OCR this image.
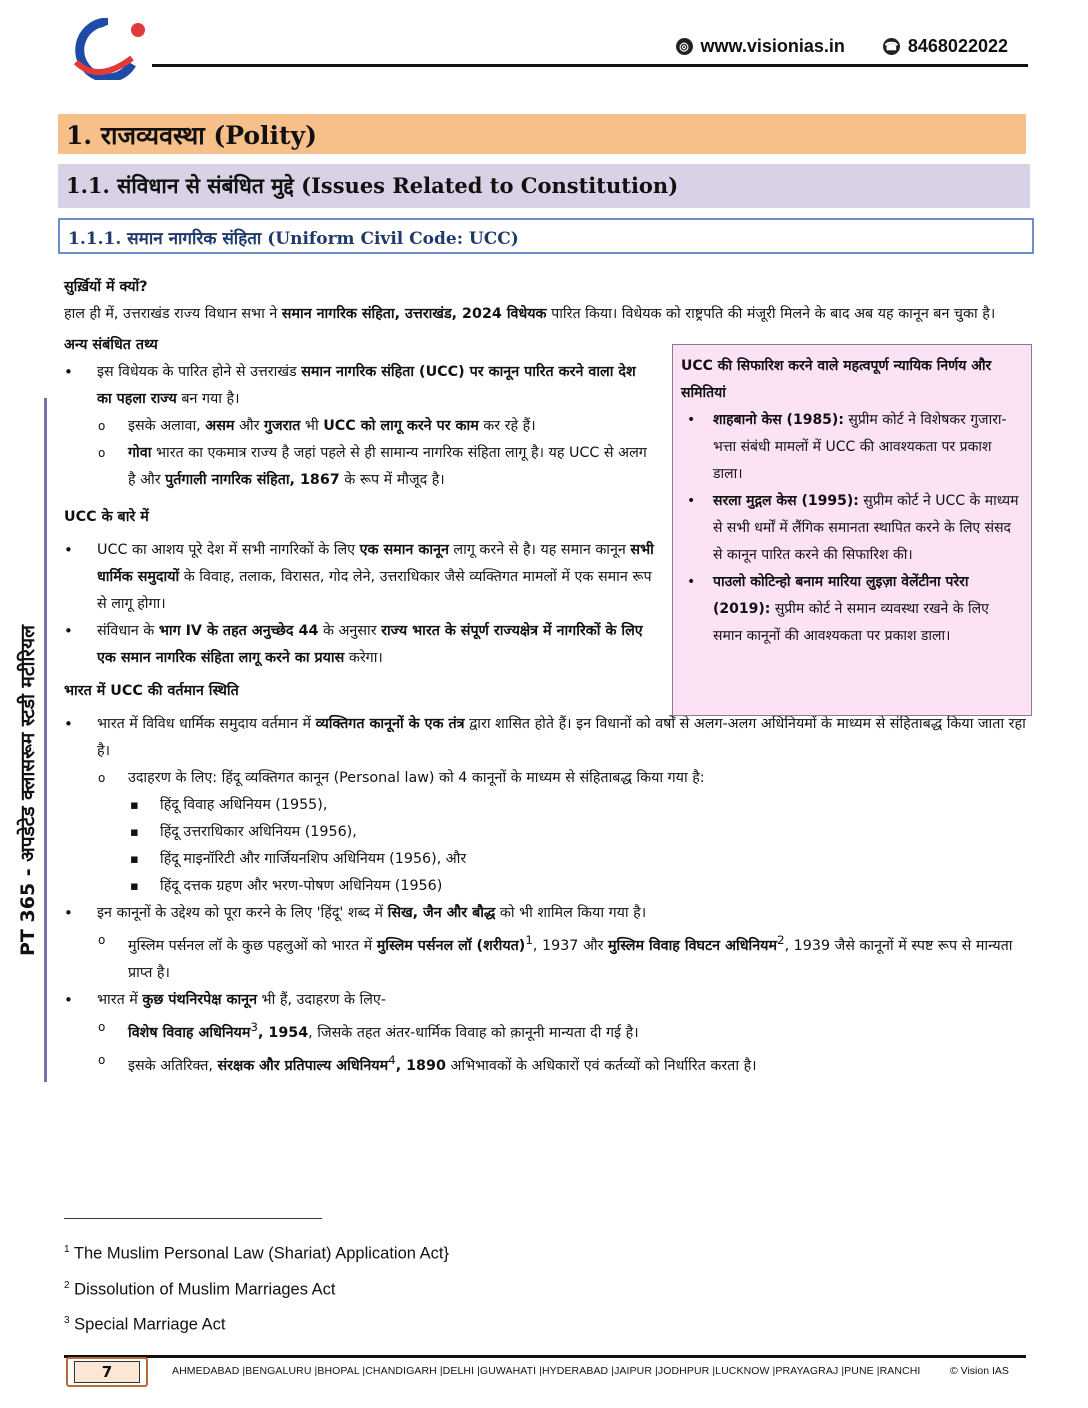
◎ www.visionias.in	☎ 8468022022
1. राजव्यवस्था (Polity)
1.1. संविधान से संबंधित मुद्दे (Issues Related to Constitution)
1.1.1. समान नागरिक संहिता (Uniform Civil Code: UCC)
PT 365 - अपडेटेड क्लासरूम स्टडी मटीरियल
सुर्ख़ियों में क्यों?

हाल ही में, उत्तराखंड राज्य विधान सभा ने समान नागरिक संहिता, उत्तराखंड, 2024 विधेयक पारित किया। विधेयक को राष्ट्रपति की मंजूरी मिलने के बाद अब यह कानून बन चुका है।

अन्य संबंधित तथ्य
• इस विधेयक के पारित होने से उत्तराखंड समान नागरिक संहिता (UCC) पर कानून पारित करने वाला देश का पहला राज्य बन गया है।
o इसके अलावा, असम और गुजरात भी UCC को लागू करने पर काम कर रहे हैं।
o गोवा भारत का एकमात्र राज्य है जहां पहले से ही सामान्य नागरिक संहिता लागू है। यह UCC से अलग है और पुर्तगाली नागरिक संहिता, 1867 के रूप में मौजूद है।
UCC के बारे में
• UCC का आशय पूरे देश में सभी नागरिकों के लिए एक समान कानून लागू करने से है। यह समान कानून सभी धार्मिक समुदायों के विवाह, तलाक, विरासत, गोद लेने, उत्तराधिकार जैसे व्यक्तिगत मामलों में एक समान रूप से लागू होगा।
• संविधान के भाग IV के तहत अनुच्छेद 44 के अनुसार राज्य भारत के संपूर्ण राज्यक्षेत्र में नागरिकों के लिए एक समान नागरिक संहिता लागू करने का प्रयास करेगा।
भारत में UCC की वर्तमान स्थिति
• भारत में विविध धार्मिक समुदाय वर्तमान में व्यक्तिगत कानूनों के एक तंत्र द्वारा शासित होते हैं। इन विधानों को वर्षों से अलग-अलग अधिनियमों के माध्यम से संहिताबद्ध किया जाता रहा है।
o उदाहरण के लिए: हिंदू व्यक्तिगत कानून (Personal law) को 4 कानूनों के माध्यम से संहिताबद्ध किया गया है:
▪ हिंदू विवाह अधिनियम (1955),
▪ हिंदू उत्तराधिकार अधिनियम (1956),
▪ हिंदू माइनॉरिटी और गार्जियनशिप अधिनियम (1956), और
▪ हिंदू दत्तक ग्रहण और भरण-पोषण अधिनियम (1956)
• इन कानूनों के उद्देश्य को पूरा करने के लिए 'हिंदू' शब्द में सिख, जैन और बौद्ध को भी शामिल किया गया है।
o मुस्लिम पर्सनल लॉ के कुछ पहलुओं को भारत में मुस्लिम पर्सनल लॉ (शरीयत)$^1$, 1937 और मुस्लिम विवाह विघटन अधिनियम$^2$, 1939 जैसे कानूनों में स्पष्ट रूप से मान्यता प्राप्त है।
• भारत में कुछ पंथनिरपेक्ष कानून भी हैं, उदाहरण के लिए-
o विशेष विवाह अधिनियम$^3$, 1954, जिसके तहत अंतर-धार्मिक विवाह को क़ानूनी मान्यता दी गई है।
o इसके अतिरिक्त, संरक्षक और प्रतिपाल्य अधिनियम$^4$, 1890 अभिभावकों के अधिकारों एवं कर्तव्यों को निर्धारित करता है।
UCC की सिफारिश करने वाले महत्वपूर्ण न्यायिक निर्णय और समितियां
• शाहबानो केस (1985): सुप्रीम कोर्ट ने विशेषकर गुजारा-भत्ता संबंधी मामलों में UCC की आवश्यकता पर प्रकाश डाला।
• सरला मुद्गल केस (1995): सुप्रीम कोर्ट ने UCC के माध्यम से सभी धर्मों में लैंगिक समानता स्थापित करने के लिए संसद से कानून पारित करने की सिफारिश की।
• पाउलो कोटिन्हो बनाम मारिया लुइज़ा वेलेंटीना परेरा (2019): सुप्रीम कोर्ट ने समान व्यवस्था रखने के लिए समान कानूनों की आवश्यकता पर प्रकाश डाला।
$^1$ The Muslim Personal Law (Shariat) Application Act}
$^2$ Dissolution of Muslim Marriages Act
$^3$ Special Marriage Act
7	AHMEDABAD |BENGALURU |BHOPAL |CHANDIGARH |DELHI |GUWAHATI |HYDERABAD |JAIPUR |JODHPUR |LUCKNOW |PRAYAGRAJ |PUNE |RANCHI	© Vision IAS
